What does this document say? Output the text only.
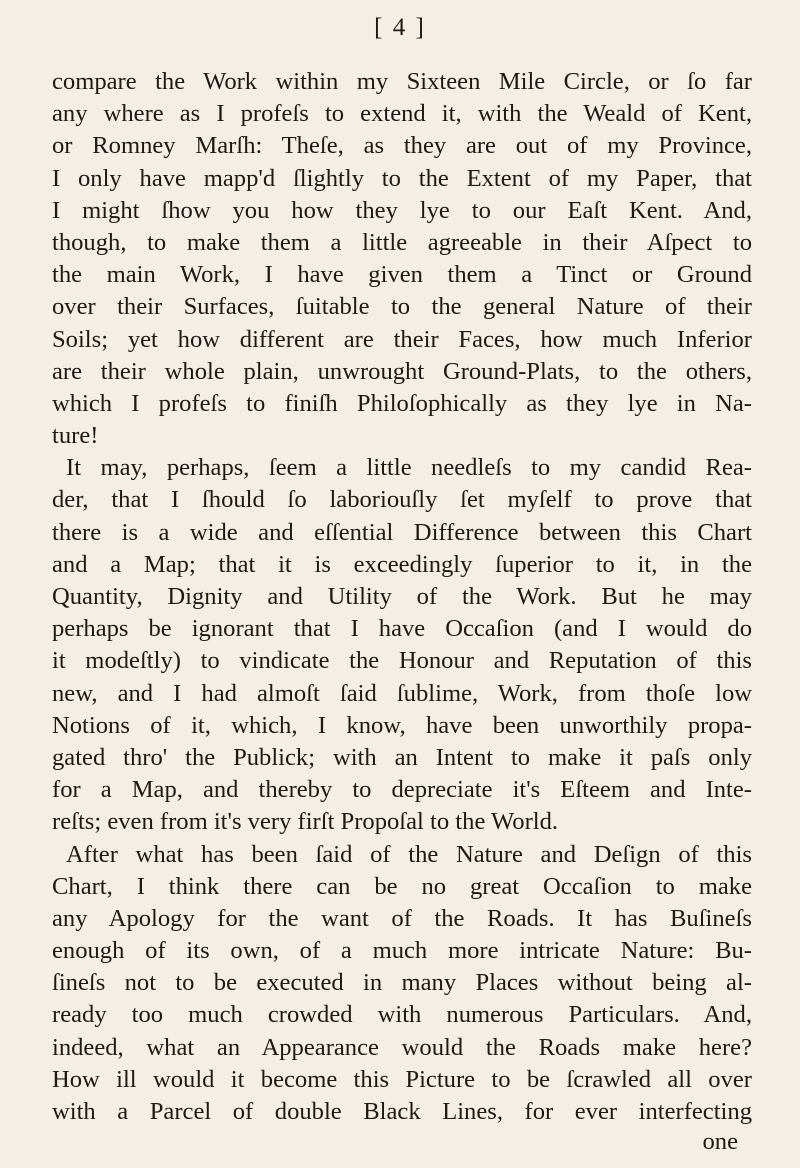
[ 4 ]
compare the Work within my Sixteen Mile Circle, or ſo far
any where as I profeſs to extend it, with the Weald of Kent,
or Romney Marſh: Theſe, as they are out of my Province,
I only have mapp'd ſlightly to the Extent of my Paper, that
I might ſhow you how they lye to our Eaſt Kent. And,
though, to make them a little agreeable in their Aſpect to
the main Work, I have given them a Tinct or Ground
over their Surfaces, ſuitable to the general Nature of their
Soils; yet how different are their Faces, how much Inferior
are their whole plain, unwrought Ground-Plats, to the others,
which I profeſs to finiſh Philoſophically as they lye in Na-
ture!
It may, perhaps, ſeem a little needleſs to my candid Rea-
der, that I ſhould ſo laboriouſly ſet myſelf to prove that
there is a wide and eſſential Difference between this Chart
and a Map; that it is exceedingly ſuperior to it, in the
Quantity, Dignity and Utility of the Work. But he may
perhaps be ignorant that I have Occaſion (and I would do
it modeſtly) to vindicate the Honour and Reputation of this
new, and I had almoſt ſaid ſublime, Work, from thoſe low
Notions of it, which, I know, have been unworthily propa-
gated thro' the Publick; with an Intent to make it paſs only
for a Map, and thereby to depreciate it's Eſteem and Inte-
reſts; even from it's very firſt Propoſal to the World.
After what has been ſaid of the Nature and Deſign of this
Chart, I think there can be no great Occaſion to make
any Apology for the want of the Roads. It has Buſineſs
enough of its own, of a much more intricate Nature: Bu-
ſineſs not to be executed in many Places without being al-
ready too much crowded with numerous Particulars. And,
indeed, what an Appearance would the Roads make here?
How ill would it become this Picture to be ſcrawled all over
with a Parcel of double Black Lines, for ever interfecting
one
